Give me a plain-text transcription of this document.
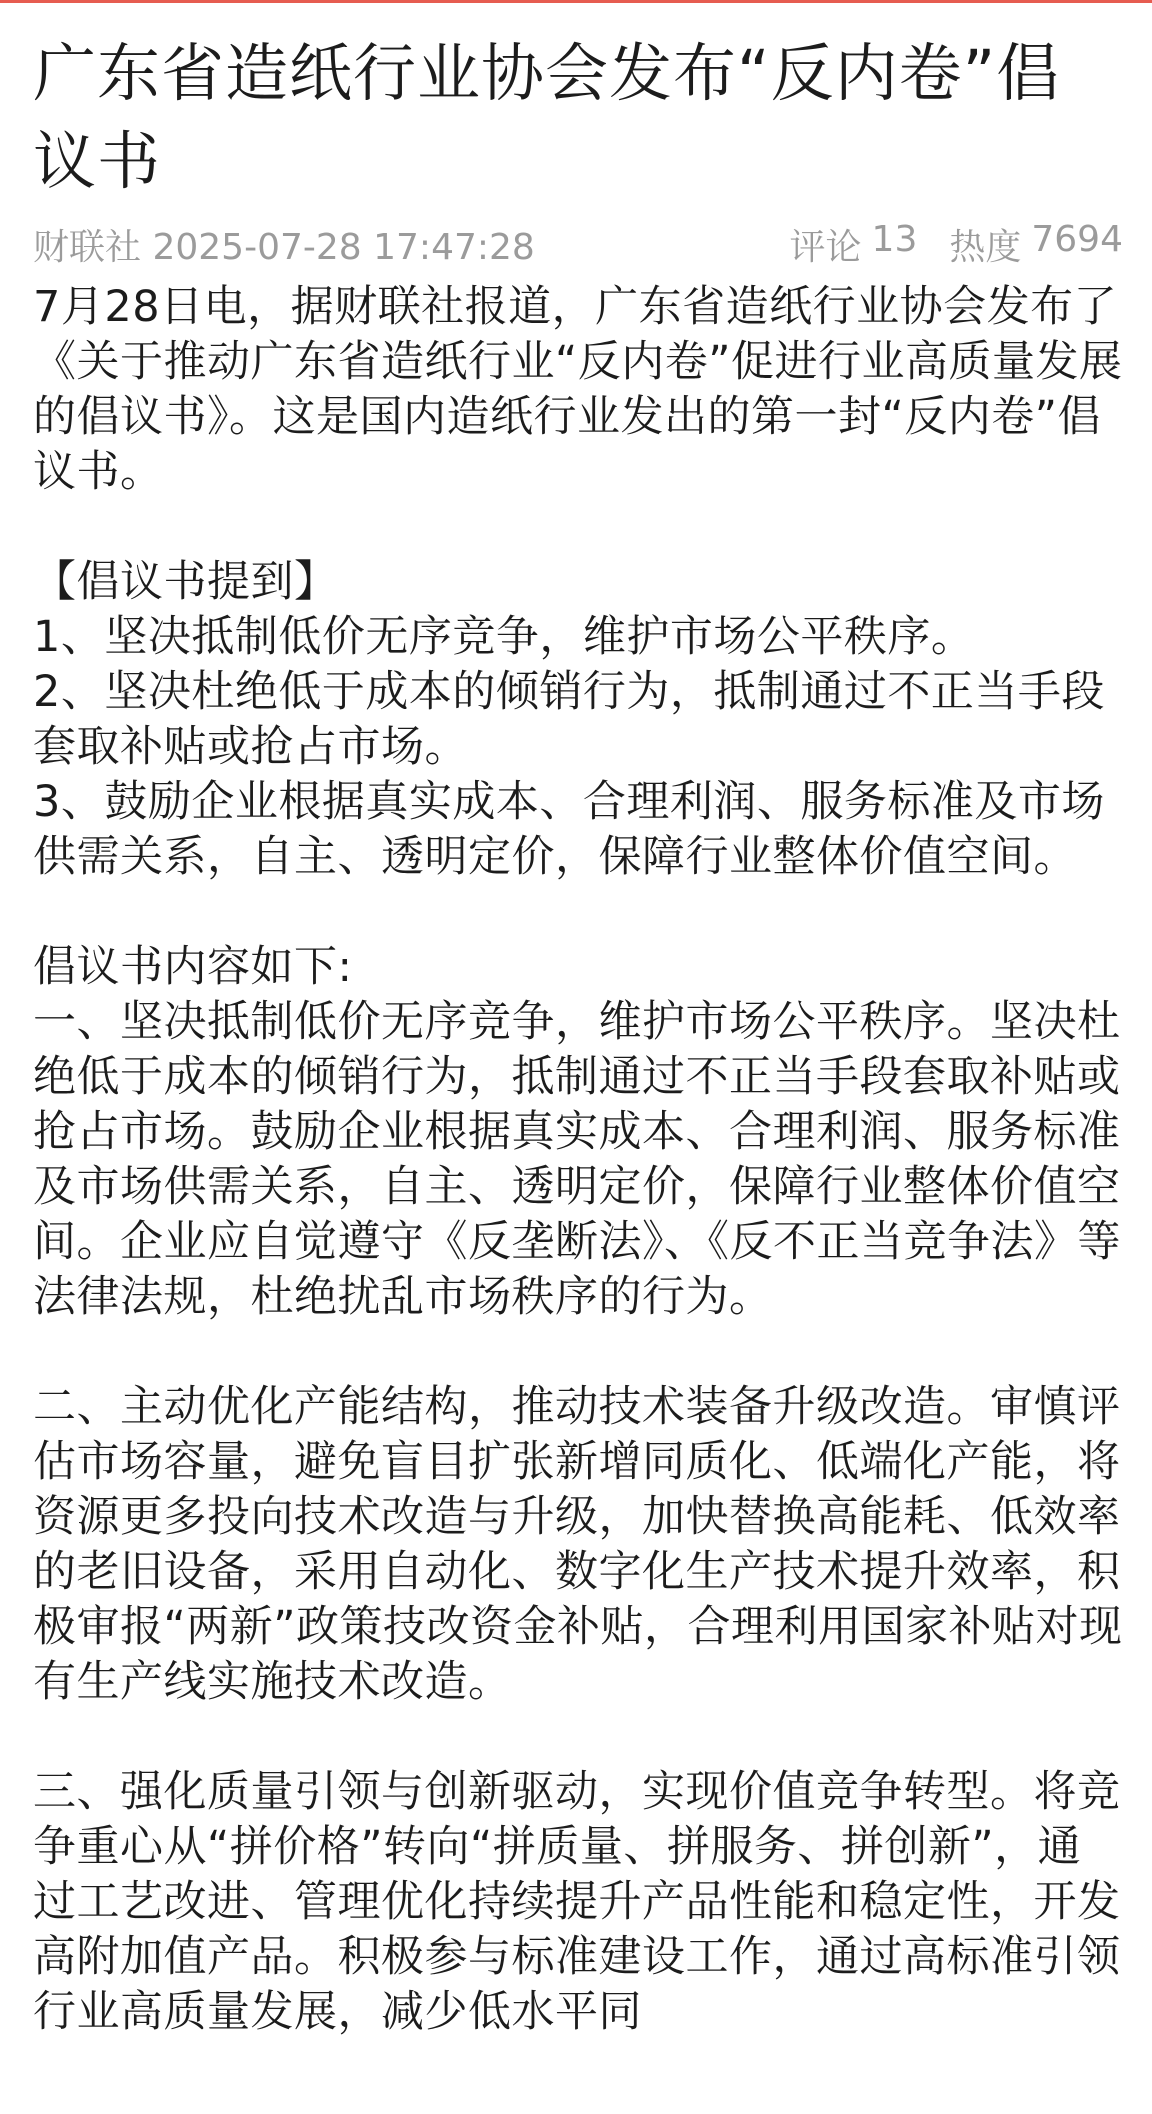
广东省造纸行业协会发布“反内卷”倡议书
财联社 2025-07-28 17:47:28	评论 13 热度 7694

7月28日电，据财联社报道，广东省造纸行业协会发布了《关于推动广东省造纸行业“反内卷”促进行业高质量发展的倡议书》。这是国内造纸行业发出的第一封“反内卷”倡议书。

【倡议书提到】

1、坚决抵制低价无序竞争，维护市场公平秩序。

2、坚决杜绝低于成本的倾销行为，抵制通过不正当手段套取补贴或抢占市场。

3、鼓励企业根据真实成本、合理利润、服务标准及市场供需关系，自主、透明定价，保障行业整体价值空间。

倡议书内容如下:

一、坚决抵制低价无序竞争，维护市场公平秩序。坚决杜绝低于成本的倾销行为，抵制通过不正当手段套取补贴或抢占市场。鼓励企业根据真实成本、合理利润、服务标准及市场供需关系，自主、透明定价，保障行业整体价值空间。企业应自觉遵守《反垄断法》、《反不正当竞争法》等法律法规，杜绝扰乱市场秩序的行为。

二、主动优化产能结构，推动技术装备升级改造。审慎评估市场容量，避免盲目扩张新增同质化、低端化产能，将资源更多投向技术改造与升级，加快替换高能耗、低效率的老旧设备，采用自动化、数字化生产技术提升效率，积极审报“两新”政策技改资金补贴，合理利用国家补贴对现有生产线实施技术改造。

三、强化质量引领与创新驱动，实现价值竞争转型。将竞争重心从“拼价格”转向“拼质量、拼服务、拼创新”，通过工艺改进、管理优化持续提升产品性能和稳定性，开发高附加值产品。积极参与标准建设工作，通过高标准引领行业高质量发展，减少低水平同
